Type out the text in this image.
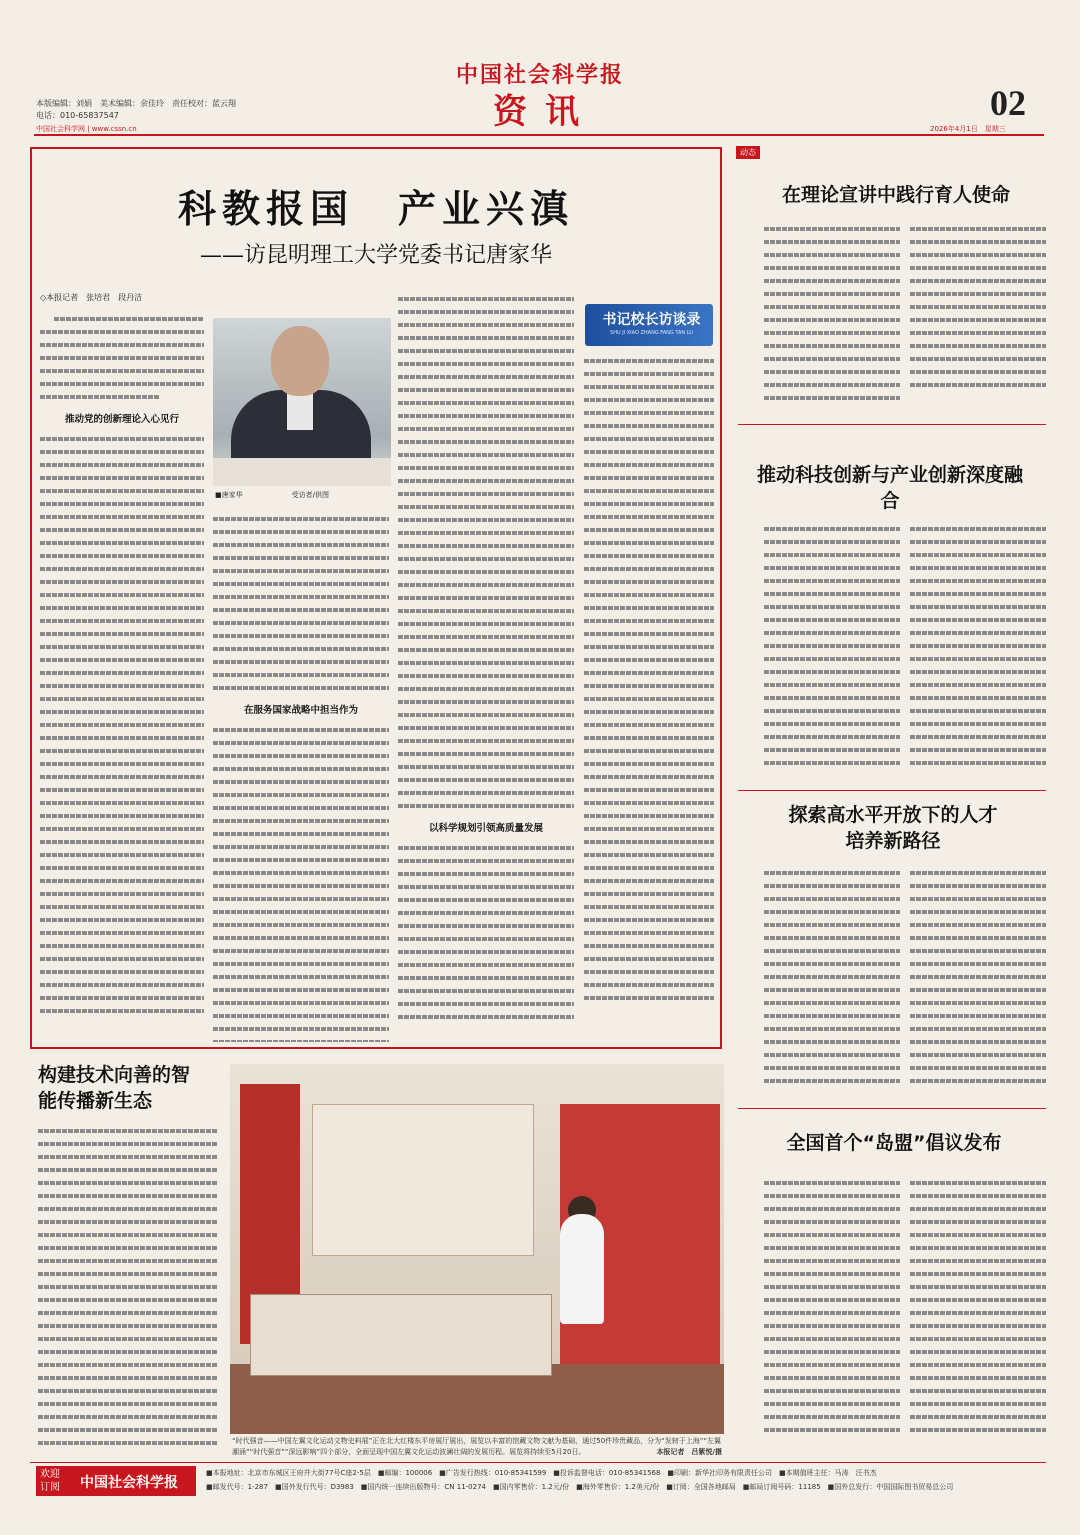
中国社会科学报
资讯
本版编辑：刘娟　美术编辑：余佳玲　责任校对：蓝云翔
电话：010-65837547
中国社会科学网 | www.cssn.cn
02
2026年4月1日　星期三
科教报国　产业兴滇
——访昆明理工大学党委书记唐家华
◇本报记者　张培君　段丹洁
推动党的创新理论入心见行
■唐家华　　　　　　　受访者/供图
在服务国家战略中担当作为
以科学规划引领高质量发展
书记校长访谈录
SHU JI XIAO ZHANG FANG TAN LU
动态
在理论宣讲中践行育人使命
推动科技创新与产业创新深度融合
探索高水平开放下的人才培养新路径
全国首个“岛盟”倡议发布
构建技术向善的智能传播新生态
“时代强音——中国左翼文化运动文物史料展”正在北大红楼东平房展厅展出，展览以丰富的馆藏文物文献为基础，通过50件珍贵藏品，分为“发轫于上海”“左翼潮涌”“时代强音”“深远影响”四个部分，全面呈现中国左翼文化运动波澜壮阔的发展历程。展览将持续至5月20日。	本报记者　吕紫悦/摄
欢迎订阅 中国社会科学报
■本报地址：北京市东城区王府井大街77号C座2-5层　■邮编：100006　■广告发行热线：010-85341599　■投诉监督电话：010-85341568　■印刷：新华社印务有限责任公司　■本期值班主任：马涛　汪书杰
■邮发代号：1-287　■国外发行代号：D3983　■国内统一连续出版物号：CN 11-0274　■国内零售价：1.2元/份　■海外零售价：1.2美元/份　■订阅：全国各地邮局　■邮局订阅号码：11185　■国外总发行：中国国际图书贸易总公司
